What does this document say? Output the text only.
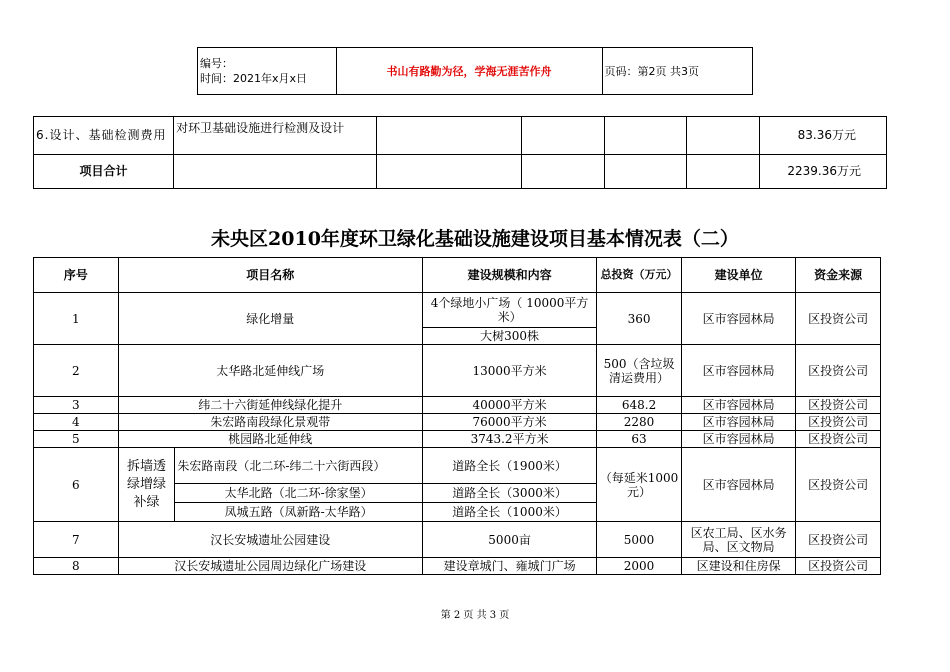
编号：
时间：2021年x月x日
	书山有路勤为径，学海无涯苦作舟	页码：第2页 共3页
6.设计、基础检测费用	对环卫基础设施进行检测及设计					83.36万元
项目合计						2239.36万元
未央区2010年度环卫绿化基础设施建设项目基本情况表（二）
序号	项目名称		建设规模和内容	总投资（万元）	建设单位	资金来源
1	绿化增量		4个绿地小广场（ 10000平方米）	360	区市容园林局	区投资公司
			大树300株			
2	太华路北延伸线广场		13000平方米	500（含垃圾清运费用）	区市容园林局	区投资公司
3	纬二十六街延伸线绿化提升		40000平方米	648.2	区市容园林局	区投资公司
4	朱宏路南段绿化景观带		76000平方米	2280	区市容园林局	区投资公司
5	桃园路北延伸线		3743.2平方米	63	区市容园林局	区投资公司
6	拆墙透绿增绿补绿	朱宏路南段（北二环-纬二十六街西段）	道路全长（1900米）	（每延米1000元）	区市容园林局	区投资公司
		太华北路（北二环-徐家堡）	道路全长（3000米）			
		凤城五路（凤新路-太华路）	道路全长（1000米）			
7	汉长安城遗址公园建设		5000亩	5000	区农工局、区水务局、区文物局	区投资公司
8	汉长安城遗址公园周边绿化广场建设		建设章城门、雍城门广场	2000	区建设和住房保	区投资公司
第 2 页 共 3 页
